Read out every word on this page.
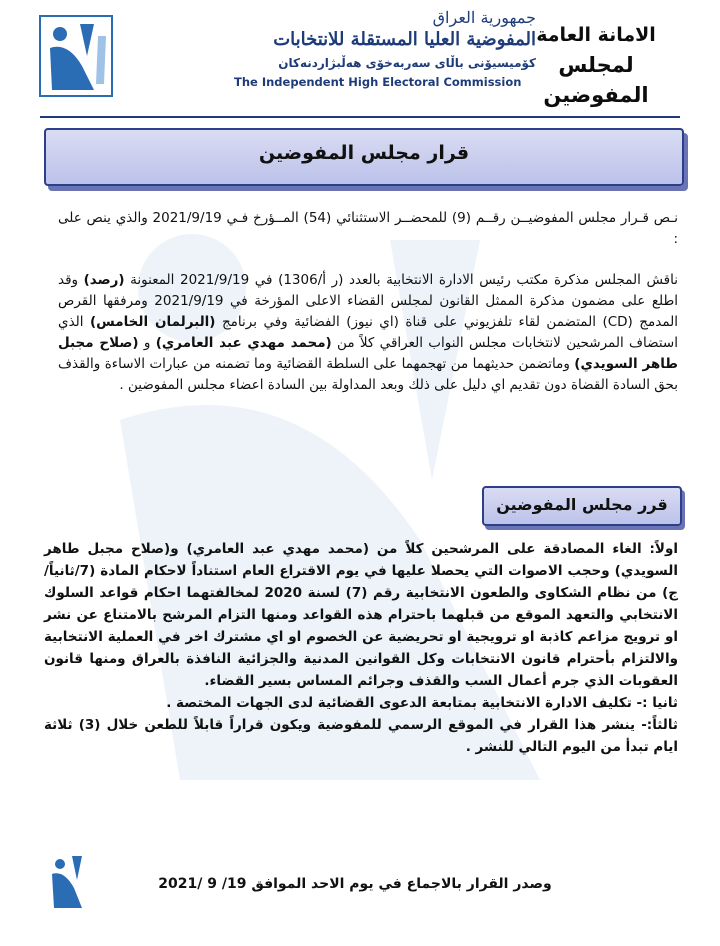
جمهورية العراق
المفوضية العليا المستقلة للانتخابات
كۆمیسیۆنی باڵای سەربەخۆی هەڵبژاردنەکان
The Independent High Electoral Commission
الامانة العامة
لمجلس المفوضين
قرار مجلس المفوضين
نـص قـرار مجلس المفوضيــن رقــم (9) للمحضــر الاستثنائي (54) المــؤرخ فـي 2021/9/19 والذي ينص على :
ناقش المجلس مذكرة مكتب رئيس الادارة الانتخابية بالعدد (ر أ/1306) في 2021/9/19 المعنونة (رصد) وقد اطلع على مضمون مذكرة الممثل القانون لمجلس القضاء الاعلى المؤرخة في 2021/9/19 ومرفقها القرص المدمج (CD) المتضمن لقاء تلفزيوني على قناة (اي نيوز) الفضائية وفي برنامج (البرلمان الخامس) الذي استضاف المرشحين لانتخابات مجلس النواب العراقي كلاً من (محمد مهدي عبد العامري) و (صلاح مجبل طاهر السويدي) وماتضمن حديثهما من تهجمهما على السلطة القضائية وما تضمنه من عبارات الاساءة والقذف بحق السادة القضاة دون تقديم اي دليل على ذلك وبعد المداولة بين السادة اعضاء مجلس المفوضين .
قرر مجلس المفوضين

اولاً: الغاء المصادقة على المرشحين كلاً من (محمد مهدي عبد العامري) و(صلاح مجبل طاهر السويدي) وحجب الاصوات التي يحصلا عليها في يوم الاقتراع العام استناداً لاحكام المادة (7/ثانياً/ج) من نظام الشكاوى والطعون الانتخابية رقم (7) لسنة 2020 لمخالفتهما احكام قواعد السلوك الانتخابي والتعهد الموقع من قبلهما باحترام هذه القواعد ومنها التزام المرشح بالامتناع عن نشر او ترويج مزاعم كاذبة او ترويجية او تحريضية عن الخصوم او اي مشترك اخر في العملية الانتخابية والالتزام بأحترام قانون الانتخابات وكل القوانين المدنية والجزائية النافذة بالعراق ومنها قانون العقوبات الذي جرم أعمال السب والقذف وجرائم المساس بسير القضاء.

ثانيا :- تكليف الادارة الانتخابية بمتابعة الدعوى القضائية لدى الجهات المختصة .

ثالثاً:- ينشر هذا القرار في الموقع الرسمي للمفوضية ويكون قراراً قابلاً للطعن خلال (3) ثلاثة ايام تبدأ من اليوم التالي للنشر .

وصدر القرار بالاجماع في يوم الاحد الموافق 19/ 9 /2021
